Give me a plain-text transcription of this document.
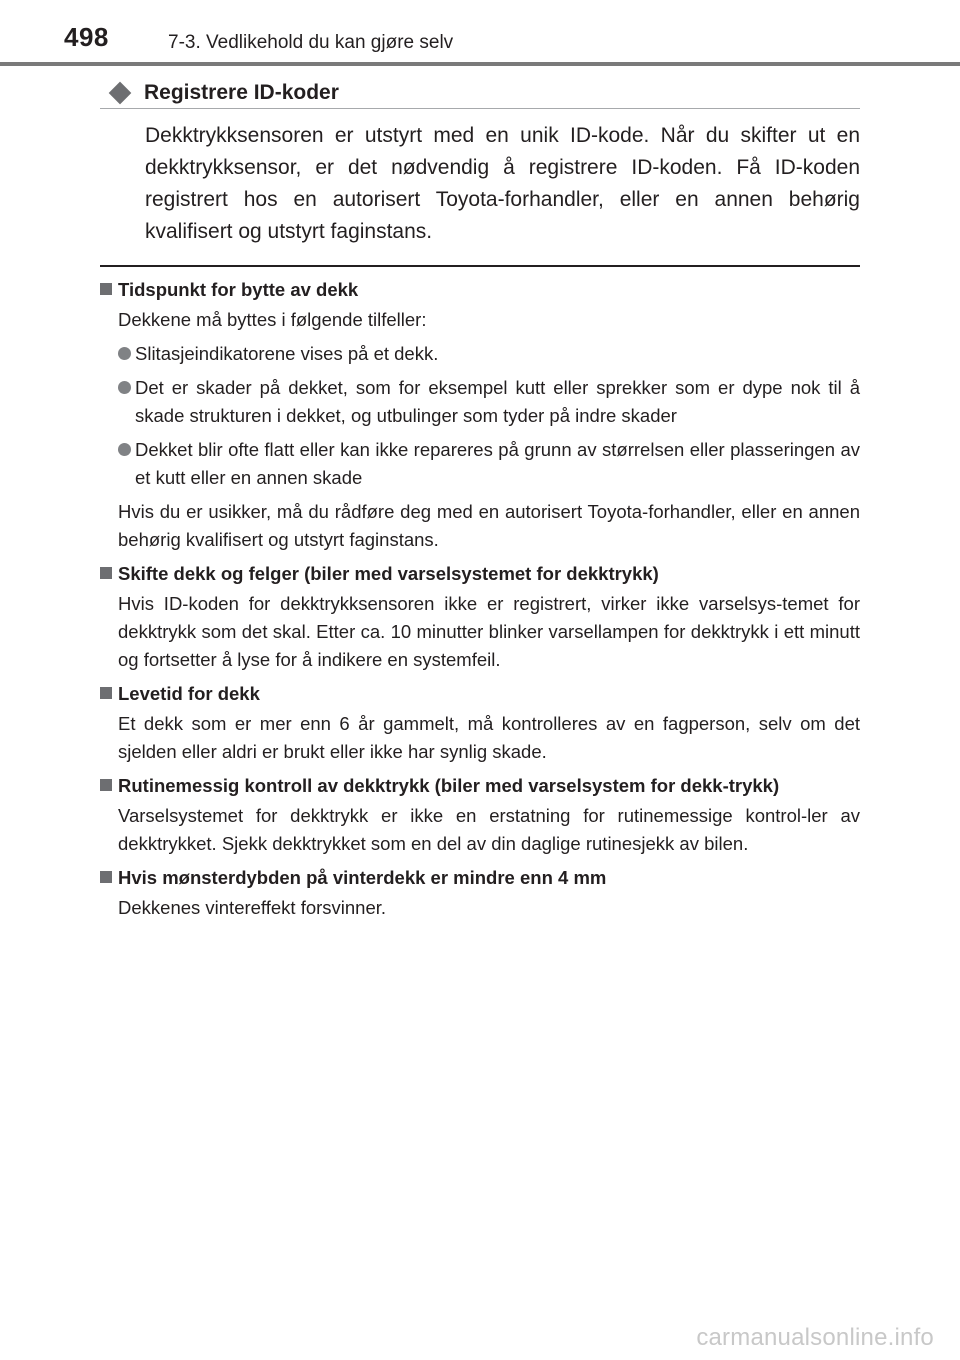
498	7-3. Vedlikehold du kan gjøre selv
Registrere ID-koder
Dekktrykksensoren er utstyrt med en unik ID-kode. Når du skifter ut en dekktrykksensor, er det nødvendig å registrere ID-koden. Få ID-koden registrert hos en autorisert Toyota-forhandler, eller en annen behørig kvalifisert og utstyrt faginstans.
Tidspunkt for bytte av dekk
Dekkene må byttes i følgende tilfeller:
Slitasjeindikatorene vises på et dekk.
Det er skader på dekket, som for eksempel kutt eller sprekker som er dype nok til å skade strukturen i dekket, og utbulinger som tyder på indre skader
Dekket blir ofte flatt eller kan ikke repareres på grunn av størrelsen eller plasseringen av et kutt eller en annen skade
Hvis du er usikker, må du rådføre deg med en autorisert Toyota-forhandler, eller en annen behørig kvalifisert og utstyrt faginstans.
Skifte dekk og felger (biler med varselsystemet for dekktrykk)
Hvis ID-koden for dekktrykksensoren ikke er registrert, virker ikke varselsys-temet for dekktrykk som det skal. Etter ca. 10 minutter blinker varsellampen for dekktrykk i ett minutt og fortsetter å lyse for å indikere en systemfeil.
Levetid for dekk
Et dekk som er mer enn 6 år gammelt, må kontrolleres av en fagperson, selv om det sjelden eller aldri er brukt eller ikke har synlig skade.
Rutinemessig kontroll av dekktrykk (biler med varselsystem for dekk-trykk)
Varselsystemet for dekktrykk er ikke en erstatning for rutinemessige kontrol-ler av dekktrykket. Sjekk dekktrykket som en del av din daglige rutinesjekk av bilen.
Hvis mønsterdybden på vinterdekk er mindre enn 4 mm
Dekkenes vintereffekt forsvinner.
carmanualsonline.info
